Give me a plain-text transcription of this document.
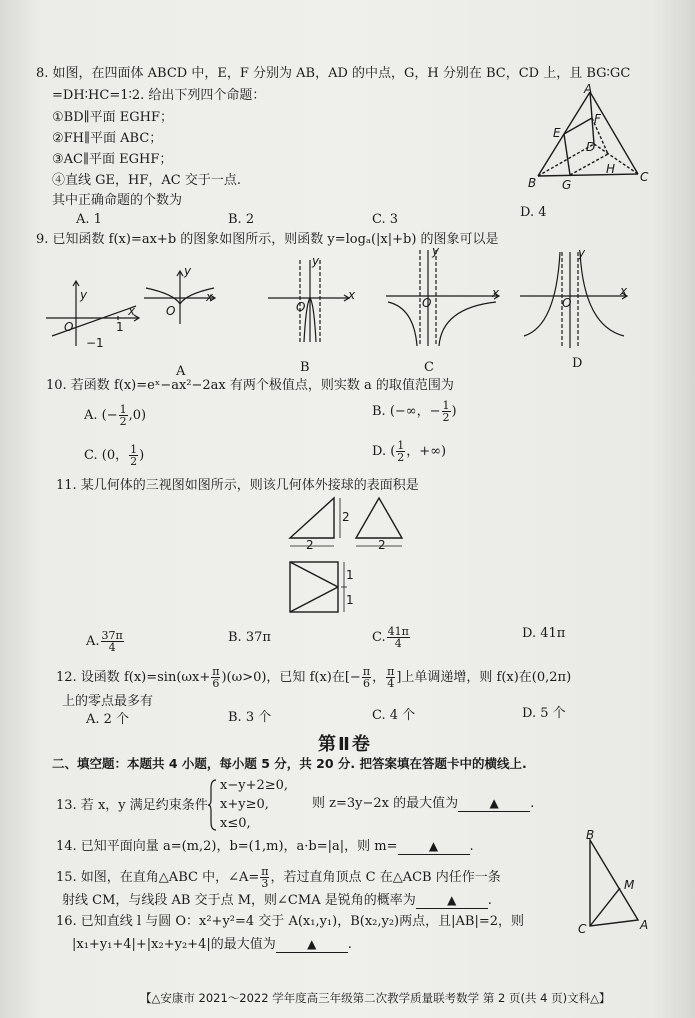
8. 如图，在四面体 ABCD 中，E，F 分别为 AB，AD 的中点，G，H 分别在 BC，CD 上，且 BG∶GC
=DH∶HC=1∶2. 给出下列四个命题：
①BD∥平面 EGHF；
②FH∥平面 ABC；
③AC∥平面 EGHF；
④直线 GE，HF，AC 交于一点.
其中正确命题的个数为
A. 1	B. 2	C. 3	D. 4
A
E
F
D
B G
H
C
9. 已知函数 f(x)=ax+b 的图象如图所示，则函数 y=logₐ(|x|+b) 的图象可以是
y
x
O	1
−1
O
y
x
O
y
x
O
y
x
O
y
x
A	B	C	D
10. 若函数 f(x)=eˣ−ax²−2ax 有两个极值点，则实数 a 的取值范围为
A. (− $\frac{1}{2} ,0$)	B. (−∞，− $\frac{1}{2}$ )
C. (0， $\frac{1}{2}$ )	D. ( $\frac{1}{2}$ ，+∞)
11. 某几何体的三视图如图所示，则该几何体外接球的表面积是
2	2
2
1
1
A. $\frac{37\pi}{4}$	B. 37π	C. $\frac{41\pi}{4}$	D. 41π
12. 设函数 $f(x)=\sin(\omega x+ \frac{\pi}{6} )(\omega>0)$，已知 f(x)在[− $\frac{\pi}{6}$ ， $\frac{\pi}{4}$ ]上单调递增，则 f(x)在(0,2π)
上的零点最多有
A. 2 个	B. 3 个	C. 4 个	D. 5 个
第Ⅱ卷
二、填空题：本题共 4 小题，每小题 5 分，共 20 分. 把答案填在答题卡中的横线上.
13. 若 x，y 满足约束条件
x−y+2≥0,
x+y≥0,
x≤0,
则 z=3y−2x 的最大值为	▲ .
14. 已知平面向量 a=(m,2)，b=(1,m)，a·b=|a|，则 m=	▲ .
15. 如图，在直角△ABC 中，∠A= $\frac{\pi}{3}$ ，若过直角顶点 C 在△ACB 内任作一条
射线 CM，与线段 AB 交于点 M，则∠CMA 是锐角的概率为	▲ .
B
M
C	A
16. 已知直线 l 与圆 O：x²+y²=4 交于 A(x₁,y₁)，B(x₂,y₂)两点，且|AB|=2，则
|x₁+y₁+4|+|x₂+y₂+4|的最大值为	▲ .
【△安康市 2021～2022 学年度高三年级第二次教学质量联考数学 第 2 页(共 4 页)文科△】
